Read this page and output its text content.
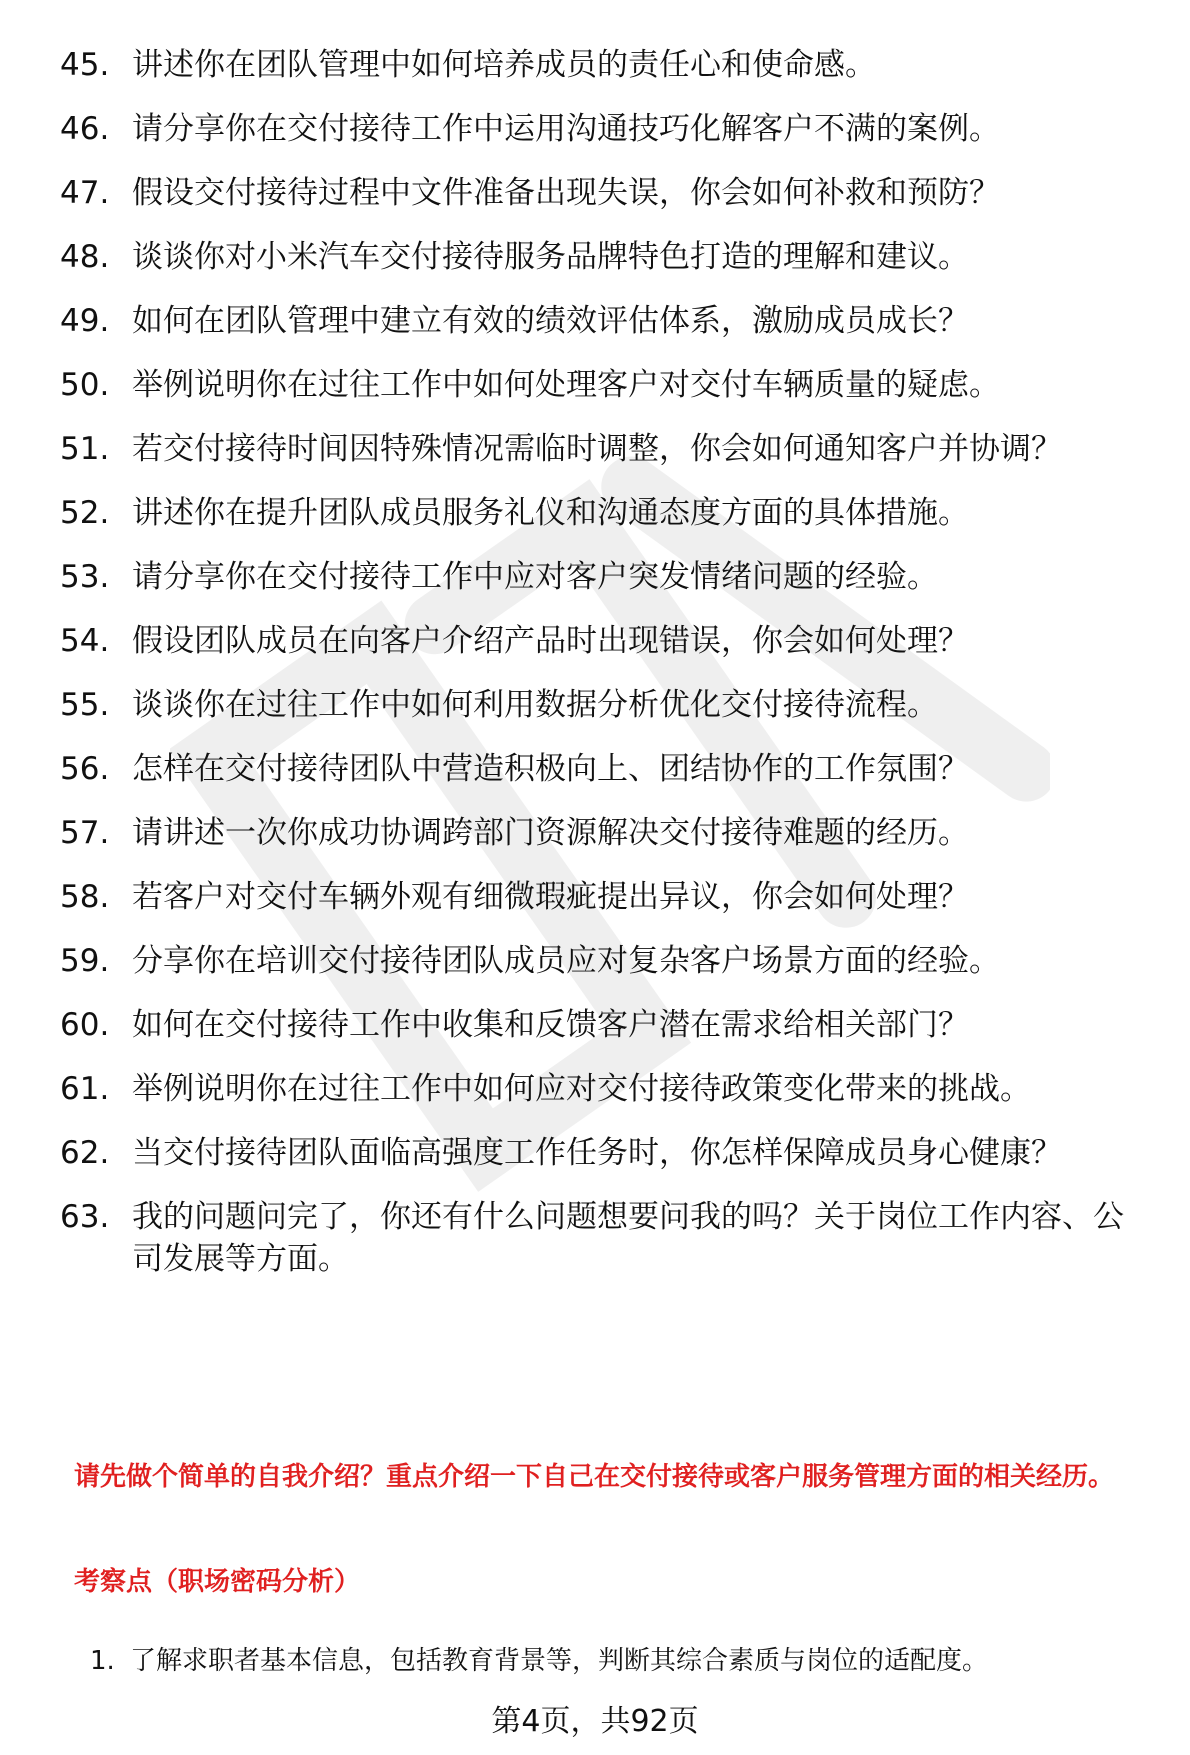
45. 讲述你在团队管理中如何培养成员的责任心和使命感。
46. 请分享你在交付接待工作中运用沟通技巧化解客户不满的案例。
47. 假设交付接待过程中文件准备出现失误，你会如何补救和预防？
48. 谈谈你对小米汽车交付接待服务品牌特色打造的理解和建议。
49. 如何在团队管理中建立有效的绩效评估体系，激励成员成长？
50. 举例说明你在过往工作中如何处理客户对交付车辆质量的疑虑。
51. 若交付接待时间因特殊情况需临时调整，你会如何通知客户并协调？
52. 讲述你在提升团队成员服务礼仪和沟通态度方面的具体措施。
53. 请分享你在交付接待工作中应对客户突发情绪问题的经验。
54. 假设团队成员在向客户介绍产品时出现错误，你会如何处理？
55. 谈谈你在过往工作中如何利用数据分析优化交付接待流程。
56. 怎样在交付接待团队中营造积极向上、团结协作的工作氛围？
57. 请讲述一次你成功协调跨部门资源解决交付接待难题的经历。
58. 若客户对交付车辆外观有细微瑕疵提出异议，你会如何处理？
59. 分享你在培训交付接待团队成员应对复杂客户场景方面的经验。
60. 如何在交付接待工作中收集和反馈客户潜在需求给相关部门？
61. 举例说明你在过往工作中如何应对交付接待政策变化带来的挑战。
62. 当交付接待团队面临高强度工作任务时，你怎样保障成员身心健康？
63. 我的问题问完了，你还有什么问题想要问我的吗？关于岗位工作内容、公司发展等方面。
请先做个简单的自我介绍？重点介绍一下自己在交付接待或客户服务管理方面的相关经历。
考察点（职场密码分析）
1. 了解求职者基本信息，包括教育背景等，判断其综合素质与岗位的适配度。
第4页，共92页
